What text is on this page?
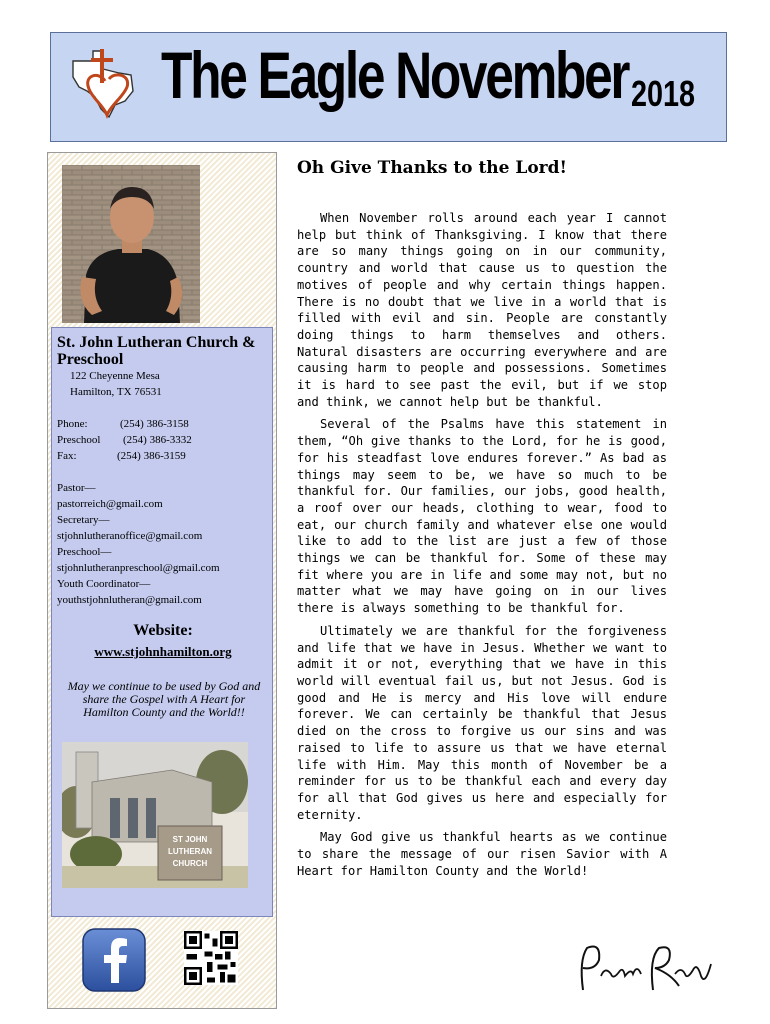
The Eagle November 2018
St. John Lutheran Church & Preschool
122 Cheyenne Mesa
Hamilton, TX 76531
Phone:	(254) 386-3158
Preschool (254) 386-3332
Fax:	(254) 386-3159
Pastor—
pastorreich@gmail.com
Secretary—
stjohnlutheranoffice@gmail.com
Preschool—
stjohnlutheranpreschool@gmail.com
Youth Coordinator—
youthstjohnlutheran@gmail.com
Website:
www.stjohnhamilton.org
May we continue to be used by God and share the Gospel with A Heart for Hamilton County and the World!!
ST JOHN
LUTHERAN
CHURCH
Oh Give Thanks to the Lord!

When November rolls around each year I cannot help but think of Thanksgiving. I know that there are so many things going on in our community, country and world that cause us to question the motives of people and why certain things happen. There is no doubt that we live in a world that is filled with evil and sin. People are constantly doing things to harm themselves and others. Natural disasters are occurring everywhere and are causing harm to people and possessions. Sometimes it is hard to see past the evil, but if we stop and think, we cannot help but be thankful.

Several of the Psalms have this statement in them, “Oh give thanks to the Lord, for he is good, for his steadfast love endures forever.” As bad as things may seem to be, we have so much to be thankful for. Our families, our jobs, good health, a roof over our heads, clothing to wear, food to eat, our church family and whatever else one would like to add to the list are just a few of those things we can be thankful for. Some of these may fit where you are in life and some may not, but no matter what we may have going on in our lives there is always something to be thankful for.

Ultimately we are thankful for the forgiveness and life that we have in Jesus. Whether we want to admit it or not, everything that we have in this world will eventual fail us, but not Jesus. God is good and He is mercy and His love will endure forever. We can certainly be thankful that Jesus died on the cross to forgive us our sins and was raised to life to assure us that we have eternal life with Him. May this month of November be a reminder for us to be thankful each and every day for all that God gives us here and especially for eternity.

May God give us thankful hearts as we continue to share the message of our risen Savior with A Heart for Hamilton County and the World!
